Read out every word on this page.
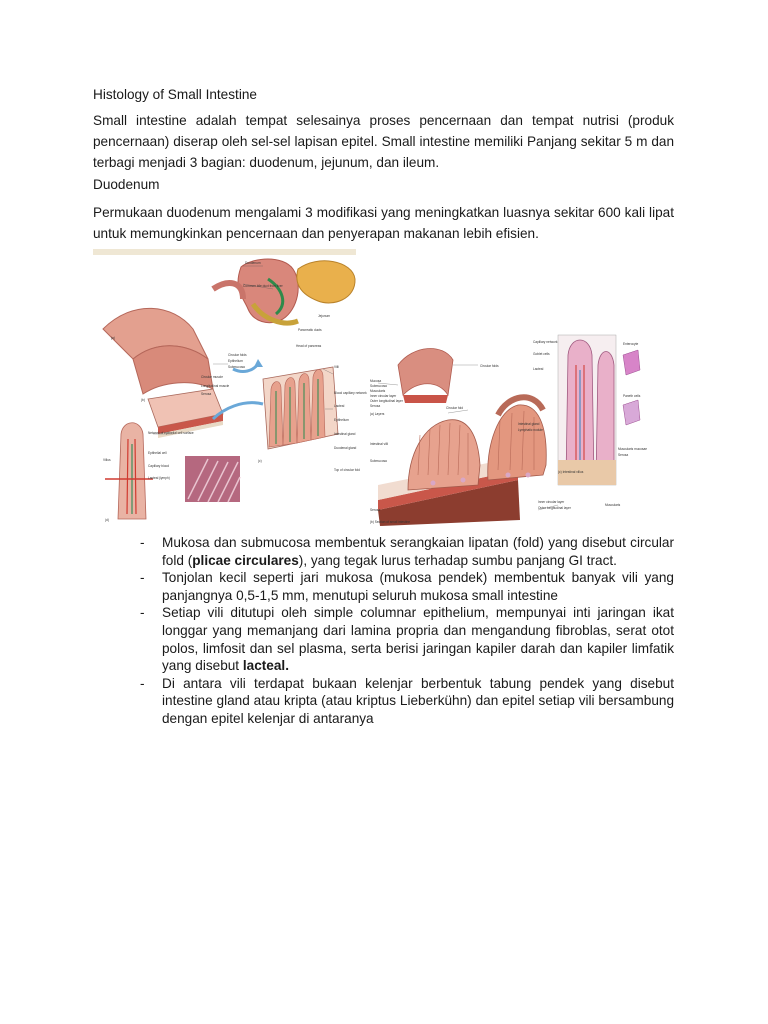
Histology of Small Intestine
Small intestine adalah tempat selesainya proses pencernaan dan tempat nutrisi (produk pencernaan) diserap oleh sel-sel lapisan epitel. Small intestine memiliki Panjang sekitar 5 m dan terbagi menjadi 3 bagian: duodenum, jejunum, dan ileum.
Duodenum
Permukaan duodenum mengalami 3 modifikasi yang meningkatkan luasnya sekitar 600 kali lipat untuk memungkinkan pencernaan dan penyerapan makanan lebih efisien.
Duodenum
Common bile duct from liver
Jejunum
Pancreatic ducts
Head of pancreas
Circular folds
Epithelium
Submucosa
Circular muscle
Longitudinal muscle
Serosa
Villi
Blood capillary network
Lacteal
Epithelium
Intestinal gland
Duodenal gland
Top of circular fold
Network of epithelial cell surface
Villus
Epithelial cell
Capillary blood
Lacteal (lymph)
(a)
(b)
(c)
(d)
Circular folds
Mucosa
Submucosa
Muscularis
Inner circular layer
Outer longitudinal layer
Serosa
(a) Layers
Circular fold
Intestinal villi
Submucosa
Intestinal gland
Lymphatic nodule
Capillary network
Goblet cells
Lacteal
Enterocyte
Paneth cells
Muscularis mucosae
Serosa
Inner circular layer
Outer longitudinal layer
Muscularis
Serosa
(b) Section of small intestine
(c) Intestinal villus
- Mukosa dan submucosa membentuk serangkaian lipatan (fold) yang disebut circular fold (plicae circulares), yang tegak lurus terhadap sumbu panjang GI tract.
- Tonjolan kecil seperti jari mukosa (mukosa pendek) membentuk banyak vili yang panjangnya 0,5-1,5 mm, menutupi seluruh mukosa small intestine
- Setiap vili ditutupi oleh simple columnar epithelium, mempunyai inti jaringan ikat longgar yang memanjang dari lamina propria dan mengandung fibroblas, serat otot polos, limfosit dan sel plasma, serta berisi jaringan kapiler darah dan kapiler limfatik yang disebut lacteal.
- Di antara vili terdapat bukaan kelenjar berbentuk tabung pendek yang disebut intestine gland atau kripta (atau kriptus Lieberkühn) dan epitel setiap vili bersambung dengan epitel kelenjar di antaranya
